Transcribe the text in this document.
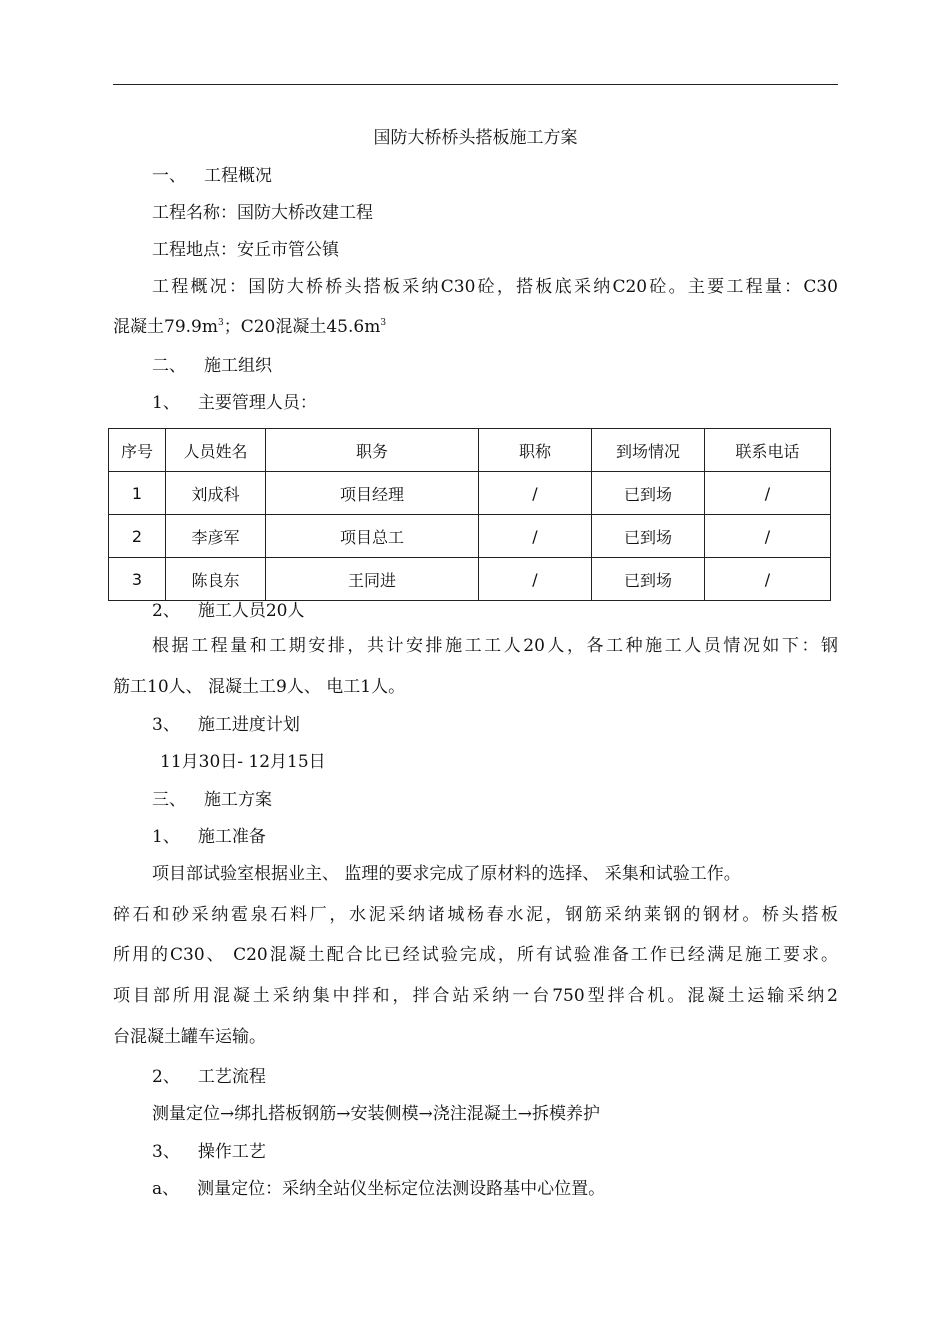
国防大桥桥头搭板施工方案
一、 工程概况
工程名称：国防大桥改建工程
工程地点：安丘市管公镇
工程概况：国防大桥桥头搭板采纳C30砼，搭板底采纳C20砼。主要工程量：C30
混凝土$79.9m^3$；C20混凝土$45.6m^3$
二、 施工组织
1、 主要管理人员：
序号	人员姓名	职务	职称	到场情况	联系电话
1	刘成科	项目经理	/	已到场	/
2	李彦军	项目总工	/	已到场	/
3	陈良东	王同进	/	已到场	/
2、 施工人员20人
根据工程量和工期安排，共计安排施工工人20人，各工种施工人员情况如下：钢
筋工10人、 混凝土工9人、 电工1人。
3、 施工进度计划
11月30日- 12月15日
三、 施工方案
1、 施工准备
项目部试验室根据业主、 监理的要求完成了原材料的选择、 采集和试验工作。
碎石和砂采纳雹泉石料厂，水泥采纳诸城杨春水泥，钢筋采纳莱钢的钢材。桥头搭板
所用的C30、 C20混凝土配合比已经试验完成，所有试验准备工作已经满足施工要求。
项目部所用混凝土采纳集中拌和，拌合站采纳一台750型拌合机。混凝土运输采纳2
台混凝土罐车运输。
2、 工艺流程
测量定位→绑扎搭板钢筋→安装侧模→浇注混凝土→拆模养护
3、 操作工艺
a、 测量定位：采纳全站仪坐标定位法测设路基中心位置。
